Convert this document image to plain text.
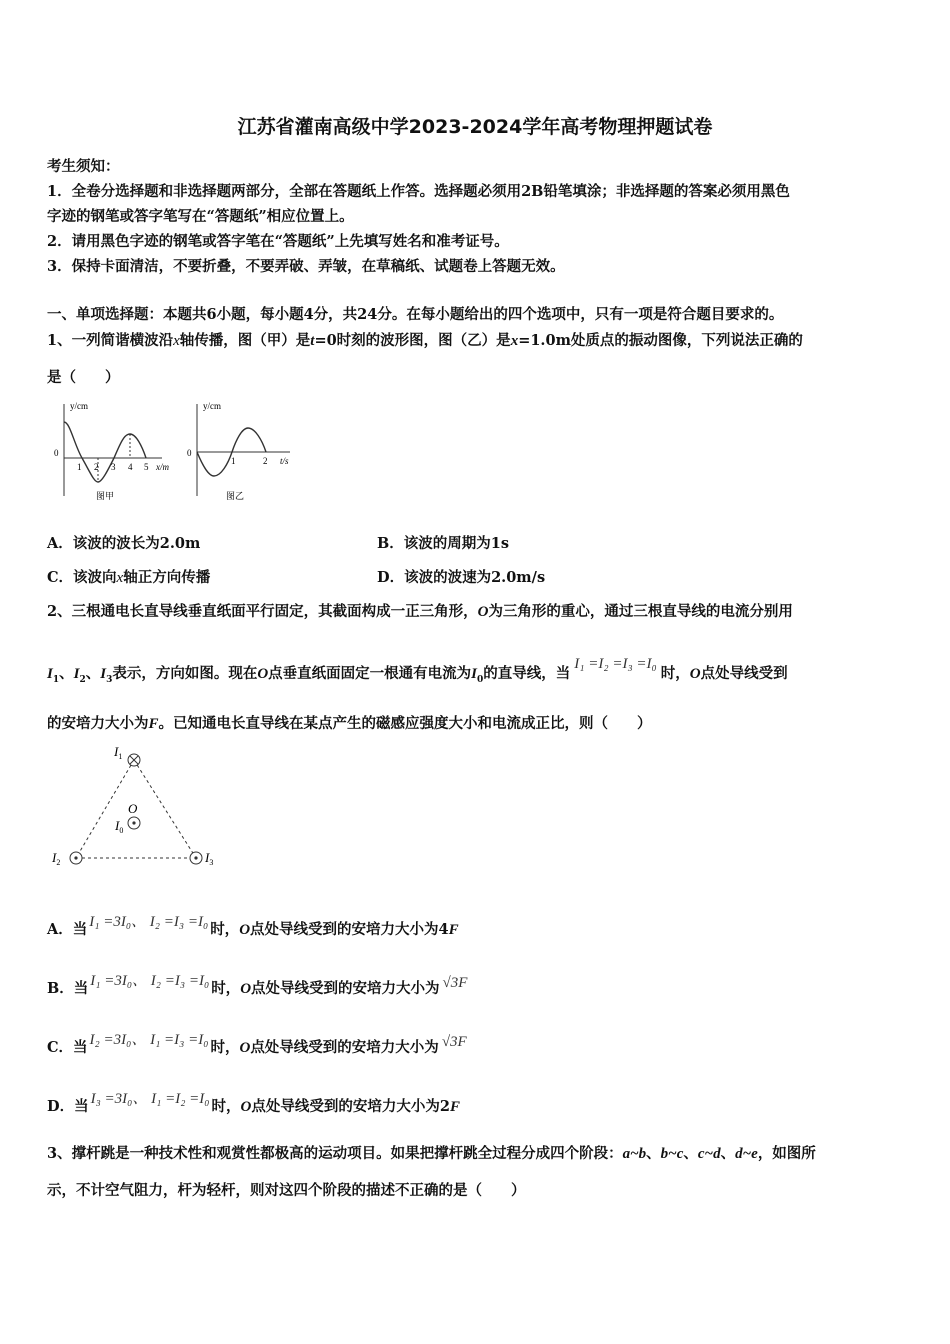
江苏省灌南高级中学2023-2024学年高考物理押题试卷
考生须知：
1．全卷分选择题和非选择题两部分，全部在答题纸上作答。选择题必须用2B铅笔填涂；非选择题的答案必须用黑色
字迹的钢笔或答字笔写在“答题纸”相应位置上。
2．请用黑色字迹的钢笔或答字笔在“答题纸”上先填写姓名和准考证号。
3．保持卡面清洁，不要折叠，不要弄破、弄皱，在草稿纸、试题卷上答题无效。
一、单项选择题：本题共6小题，每小题4分，共24分。在每小题给出的四个选项中，只有一项是符合题目要求的。
1、一列简谐横波沿x轴传播，图（甲）是t=0时刻的波形图，图（乙）是x=1.0m处质点的振动图像，下列说法正确的
是（　　）
y/cm
0
1 2 3 4 5 x/m
图甲
y/cm
0
1	2 t/s
图乙
A．该波的波长为2.0m	B．该波的周期为1s
C．该波向x轴正方向传播	D．该波的波速为2.0m/s
2、三根通电长直导线垂直纸面平行固定，其截面构成一正三角形，O为三角形的重心，通过三根直导线的电流分别用
$I_1$、$I_2$、$I_3$表示，方向如图。现在O点垂直纸面固定一根通有电流为$I_0$的直导线，当I₁ =I₂ =I₃ =I₀时，O点处导线受到
的安培力大小为F。已知通电长直导线在某点产生的磁感应强度大小和电流成正比，则（　　）
$I_1$
$I_2$	$I_3$
O
$I_0$
A．当 I₁ =3I₀、 I₂ =I₃ =I₀ 时，O点处导线受到的安培力大小为4F
B．当 I₁ =3I₀、 I₂ =I₃ =I₀ 时，O点处导线受到的安培力大小为 √3F
C．当 I₂ =3I₀、 I₁ =I₃ =I₀ 时，O点处导线受到的安培力大小为 √3F
D．当 I₃ =3I₀、 I₁ =I₂ =I₀ 时，O点处导线受到的安培力大小为2F
3、撑杆跳是一种技术性和观赏性都极高的运动项目。如果把撑杆跳全过程分成四个阶段：a~b、b~c、c~d、d~e，如图所
示，不计空气阻力，杆为轻杆，则对这四个阶段的描述不正确的是（　　）
